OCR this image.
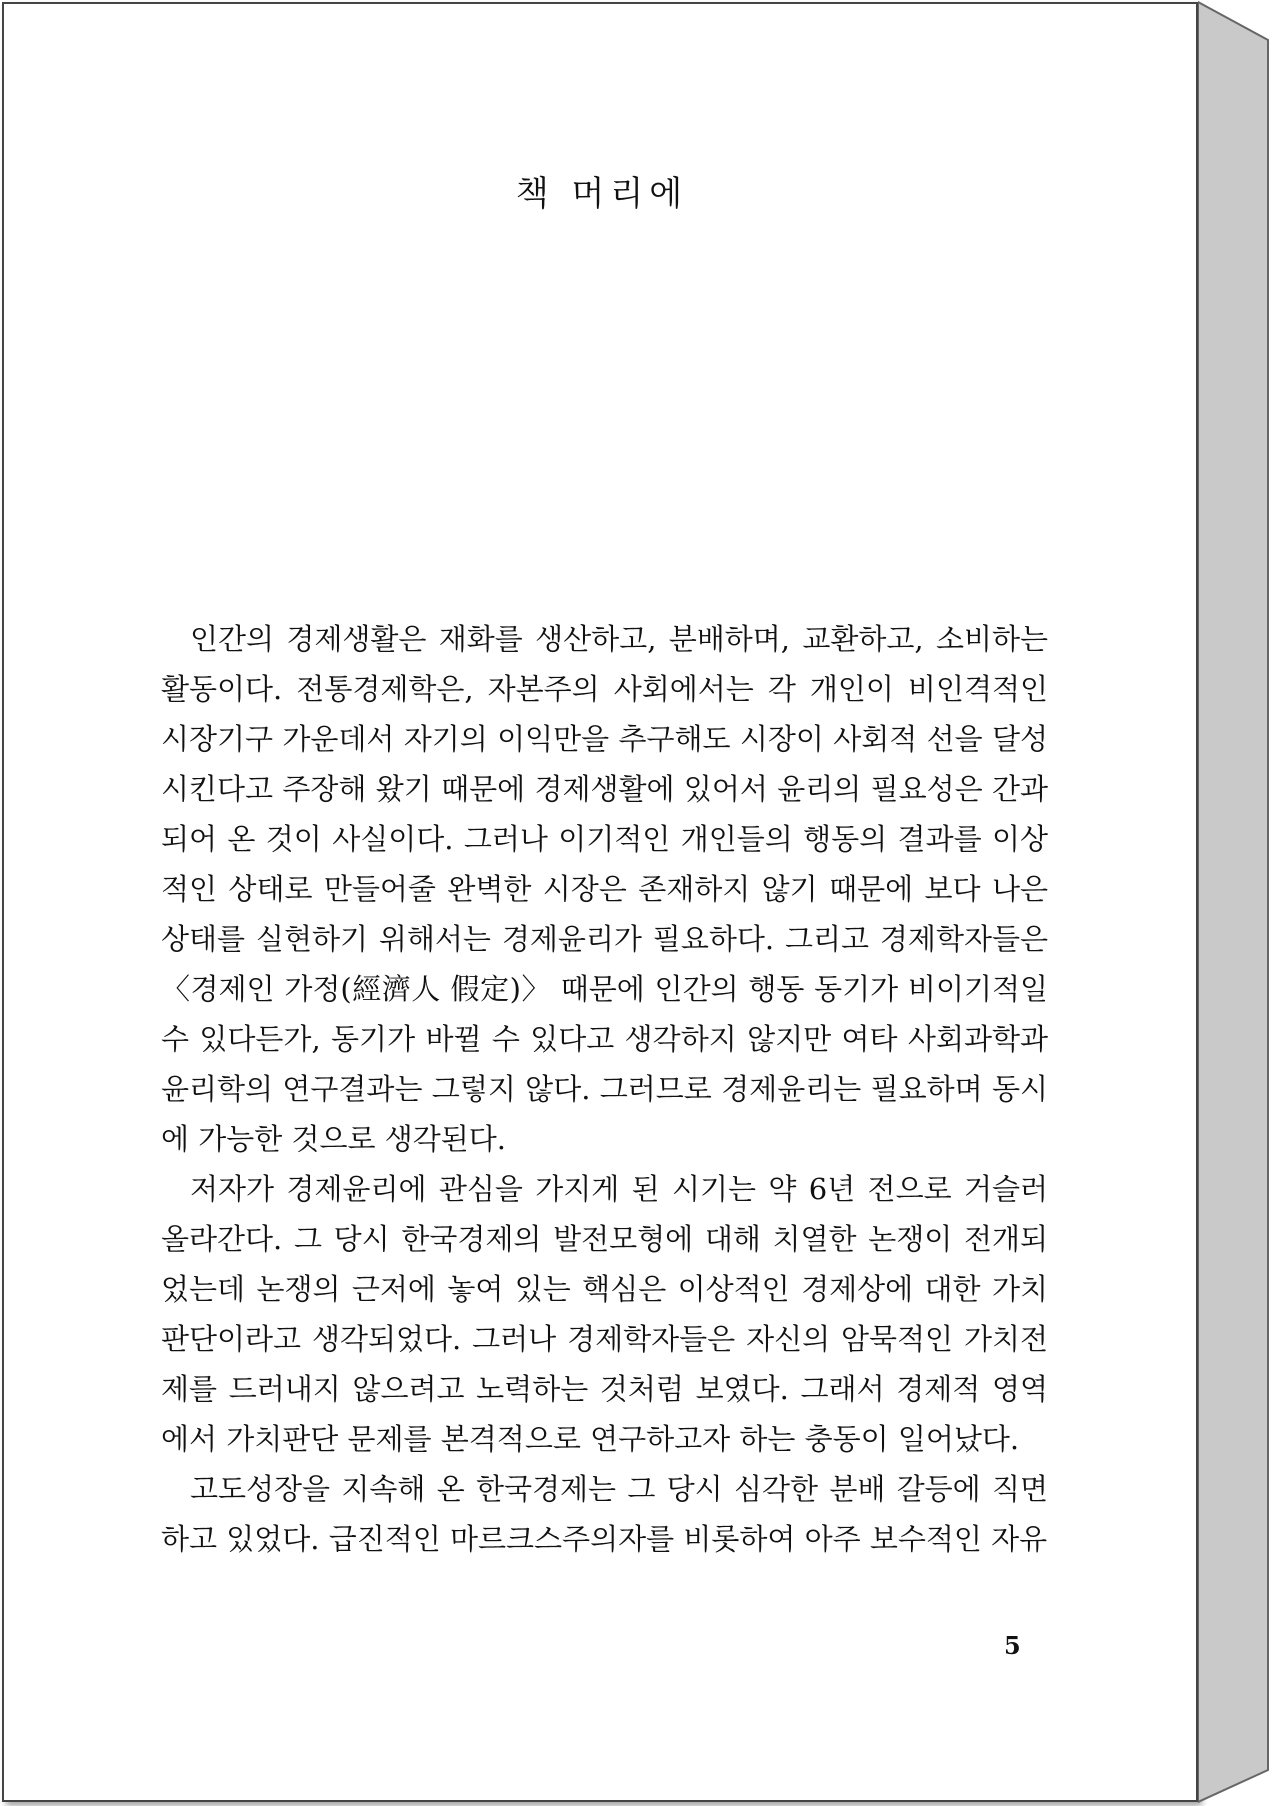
책 머리에

인간의 경제생활은 재화를 생산하고, 분배하며, 교환하고, 소비하는 활동이다. 전통경제학은, 자본주의 사회에서는 각 개인이 비인격적인 시장기구 가운데서 자기의 이익만을 추구해도 시장이 사회적 선을 달성시킨다고 주장해 왔기 때문에 경제생활에 있어서 윤리의 필요성은 간과되어 온 것이 사실이다. 그러나 이기적인 개인들의 행동의 결과를 이상적인 상태로 만들어줄 완벽한 시장은 존재하지 않기 때문에 보다 나은 상태를 실현하기 위해서는 경제윤리가 필요하다. 그리고 경제학자들은 〈경제인 가정(經濟人 假定)〉 때문에 인간의 행동 동기가 비이기적일 수 있다든가, 동기가 바뀔 수 있다고 생각하지 않지만 여타 사회과학과 윤리학의 연구결과는 그렇지 않다. 그러므로 경제윤리는 필요하며 동시에 가능한 것으로 생각된다.

저자가 경제윤리에 관심을 가지게 된 시기는 약 6년 전으로 거슬러 올라간다. 그 당시 한국경제의 발전모형에 대해 치열한 논쟁이 전개되었는데 논쟁의 근저에 놓여 있는 핵심은 이상적인 경제상에 대한 가치판단이라고 생각되었다. 그러나 경제학자들은 자신의 암묵적인 가치전제를 드러내지 않으려고 노력하는 것처럼 보였다. 그래서 경제적 영역에서 가치판단 문제를 본격적으로 연구하고자 하는 충동이 일어났다.

고도성장을 지속해 온 한국경제는 그 당시 심각한 분배 갈등에 직면하고 있었다. 급진적인 마르크스주의자를 비롯하여 아주 보수적인 자유

5
